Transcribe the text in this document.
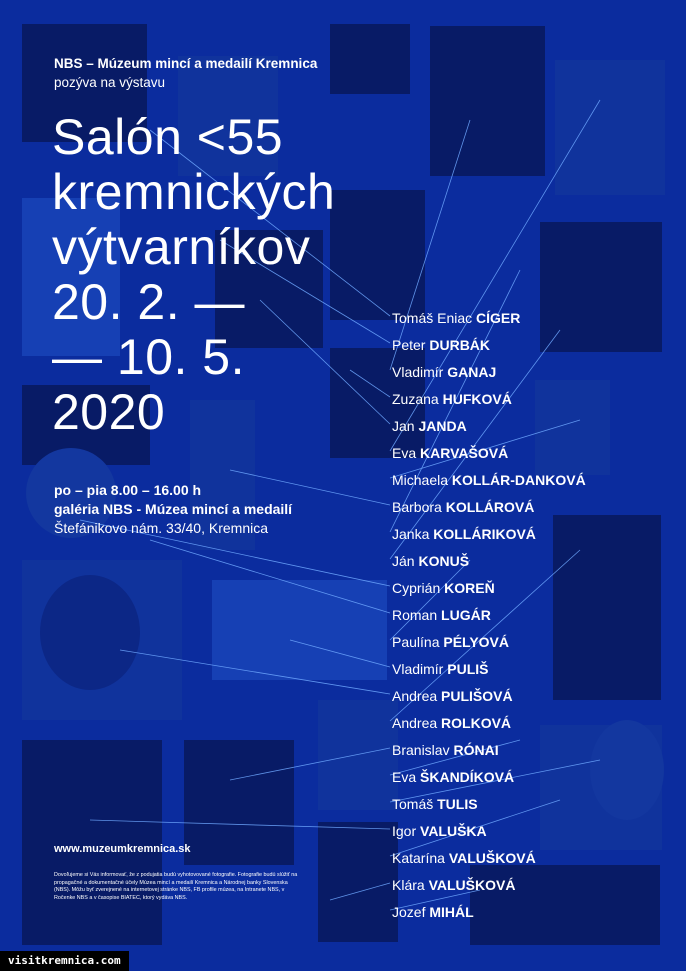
NBS – Múzeum mincí a medailí Kremnica
pozýva na výstavu
Salón <55
kremnických
výtvarníkov
20. 2. —
— 10. 5.
2020
po – pia 8.00 – 16.00 h
galéria NBS - Múzea mincí a medailí
Štefánikovo nám. 33/40, Kremnica
Tomáš Eniac CÍGER
Peter DURBÁK
Vladimír GANAJ
Zuzana HUFKOVÁ
Jan JANDA
Eva KARVAŠOVÁ
Michaela KOLLÁR-DANKOVÁ
Barbora KOLLÁROVÁ
Janka KOLLÁRIKOVÁ
Ján KONUŠ
Cyprián KOREŇ
Roman LUGÁR
Paulína PÉLYOVÁ
Vladimír PULIŠ
Andrea PULIŠOVÁ
Andrea ROLKOVÁ
Branislav RÓNAI
Eva ŠKANDÍKOVÁ
Tomáš TULIS
Igor VALUŠKA
Katarína VALUŠKOVÁ
Klára VALUŠKOVÁ
Jozef MIHÁL
www.muzeumkremnica.sk
Dovoľujeme si Vás informovať, že z podujatia budú vyhotovované fotografie. Fotografie budú slúžiť na propagačné a dokumentačné účely Múzea mincí a medailí Kremnica a Národnej banky Slovenska (NBS). Môžu byť zverejnené na internetovej stránke NBS, FB profile múzea, na Intranete NBS, v Ročenke NBS a v časopise BIATEC, ktorý vydáva NBS.
visitkremnica.com
